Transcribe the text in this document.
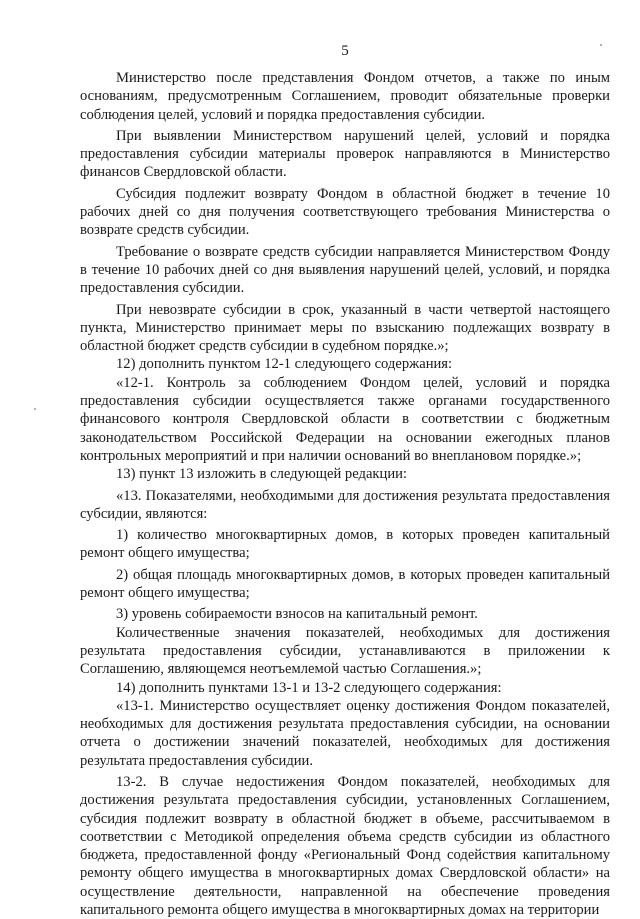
5

Министерство после представления Фондом отчетов, а также по иным основаниям, предусмотренным Соглашением, проводит обязательные проверки соблюдения целей, условий и порядка предоставления субсидии.

При выявлении Министерством нарушений целей, условий и порядка предоставления субсидии материалы проверок направляются в Министерство финансов Свердловской области.

Субсидия подлежит возврату Фондом в областной бюджет в течение 10 рабочих дней со дня получения соответствующего требования Министерства о возврате средств субсидии.

Требование о возврате средств субсидии направляется Министерством Фонду в течение 10 рабочих дней со дня выявления нарушений целей, условий, и порядка предоставления субсидии.

При невозврате субсидии в срок, указанный в части четвертой настоящего пункта, Министерство принимает меры по взысканию подлежащих возврату в областной бюджет средств субсидии в судебном порядке.»;

12) дополнить пунктом 12-1 следующего содержания:

«12-1. Контроль за соблюдением Фондом целей, условий и порядка предоставления субсидии осуществляется также органами государственного финансового контроля Свердловской области в соответствии с бюджетным законодательством Российской Федерации на основании ежегодных планов контрольных мероприятий и при наличии оснований во внеплановом порядке.»;

13) пункт 13 изложить в следующей редакции:

«13. Показателями, необходимыми для достижения результата предоставления субсидии, являются:

1) количество многоквартирных домов, в которых проведен капитальный ремонт общего имущества;

2) общая площадь многоквартирных домов, в которых проведен капитальный ремонт общего имущества;

3) уровень собираемости взносов на капитальный ремонт.

Количественные значения показателей, необходимых для достижения результата предоставления субсидии, устанавливаются в приложении к Соглашению, являющемся неотъемлемой частью Соглашения.»;

14) дополнить пунктами 13-1 и 13-2 следующего содержания:

«13-1. Министерство осуществляет оценку достижения Фондом показателей, необходимых для достижения результата предоставления субсидии, на основании отчета о достижении значений показателей, необходимых для достижения результата предоставления субсидии.

13-2. В случае недостижения Фондом показателей, необходимых для достижения результата предоставления субсидии, установленных Соглашением, субсидия подлежит возврату в областной бюджет в объеме, рассчитываемом в соответствии с Методикой определения объема средств субсидии из областного бюджета, предоставленной фонду «Региональный Фонд содействия капитальному ремонту общего имущества в многоквартирных домах Свердловской области» на осуществление деятельности, направленной на обеспечение проведения капитального ремонта общего имущества в многоквартирных домах на территории
